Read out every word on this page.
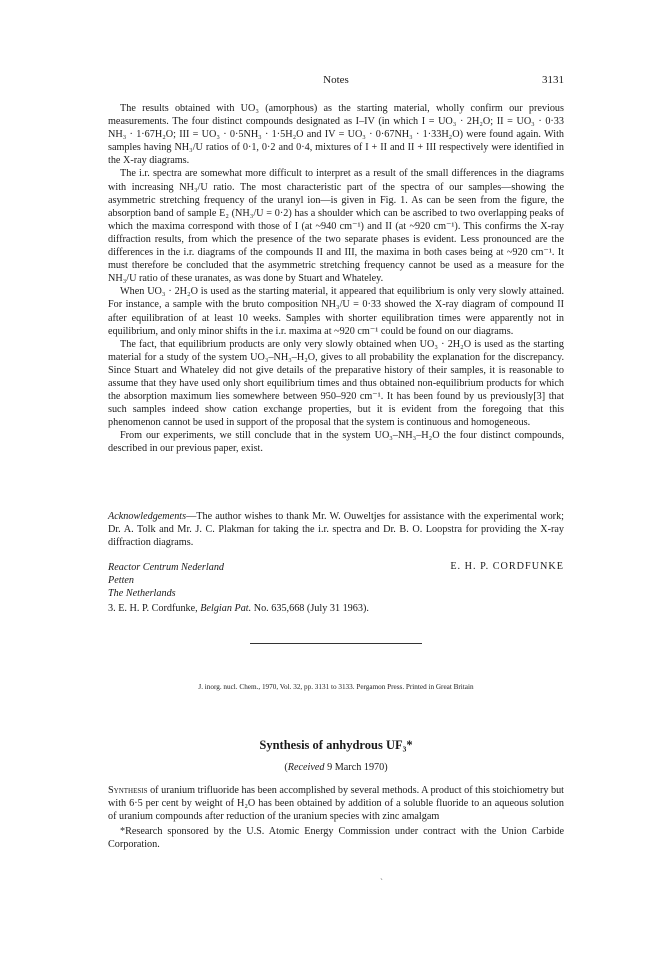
Notes	3131

The results obtained with UO₃ (amorphous) as the starting material, wholly confirm our previous measurements. The four distinct compounds designated as I–IV (in which I = UO₃ · 2H₂O; II = UO₃ · 0·33 NH₃ · 1·67H₂O; III = UO₃ · 0·5NH₃ · 1·5H₂O and IV = UO₃ · 0·67NH₃ · 1·33H₂O) were found again. With samples having NH₃/U ratios of 0·1, 0·2 and 0·4, mixtures of I + II and II + III respectively were identified in the X-ray diagrams.

The i.r. spectra are somewhat more difficult to interpret as a result of the small differences in the diagrams with increasing NH₃/U ratio. The most characteristic part of the spectra of our samples—showing the asymmetric stretching frequency of the uranyl ion—is given in Fig. 1. As can be seen from the figure, the absorption band of sample E₂ (NH₃/U = 0·2) has a shoulder which can be ascribed to two overlapping peaks of which the maxima correspond with those of I (at ~940 cm⁻¹) and II (at ~920 cm⁻¹). This confirms the X-ray diffraction results, from which the presence of the two separate phases is evident. Less pronounced are the differences in the i.r. diagrams of the compounds II and III, the maxima in both cases being at ~920 cm⁻¹. It must therefore be concluded that the asymmetric stretching frequency cannot be used as a measure for the NH₃/U ratio of these uranates, as was done by Stuart and Whateley.

When UO₃ · 2H₂O is used as the starting material, it appeared that equilibrium is only very slowly attained. For instance, a sample with the bruto composition NH₃/U = 0·33 showed the X-ray diagram of compound II after equilibration of at least 10 weeks. Samples with shorter equilibration times were apparently not in equilibrium, and only minor shifts in the i.r. maxima at ~920 cm⁻¹ could be found on our diagrams.

The fact, that equilibrium products are only very slowly obtained when UO₃ · 2H₂O is used as the starting material for a study of the system UO₃–NH₃–H₂O, gives to all probability the explanation for the discrepancy. Since Stuart and Whateley did not give details of the preparative history of their samples, it is reasonable to assume that they have used only short equilibrium times and thus obtained non-equilibrium products for which the absorption maximum lies somewhere between 950–920 cm⁻¹. It has been found by us previously[3] that such samples indeed show cation exchange properties, but it is evident from the foregoing that this phenomenon cannot be used in support of the proposal that the system is continuous and homogeneous.

From our experiments, we still conclude that in the system UO₃–NH₃–H₂O the four distinct compounds, described in our previous paper, exist.

Acknowledgements—The author wishes to thank Mr. W. Ouweltjes for assistance with the experimental work; Dr. A. Tolk and Mr. J. C. Plakman for taking the i.r. spectra and Dr. B. O. Loopstra for providing the X-ray diffraction diagrams.

Reactor Centrum Nederland
Petten
The Netherlands
E. H. P. CORDFUNKE
3. E. H. P. Cordfunke, Belgian Pat. No. 635,668 (July 31 1963).
J. inorg. nucl. Chem., 1970, Vol. 32, pp. 3131 to 3133. Pergamon Press. Printed in Great Britain
Synthesis of anhydrous UF₃*
(Received 9 March 1970)

Synthesis of uranium trifluoride has been accomplished by several methods. A product of this stoichiometry but with 6·5 per cent by weight of H₂O has been obtained by addition of a soluble fluoride to an aqueous solution of uranium compounds after reduction of the uranium species with zinc amalgam

*Research sponsored by the U.S. Atomic Energy Commission under contract with the Union Carbide Corporation.

`
